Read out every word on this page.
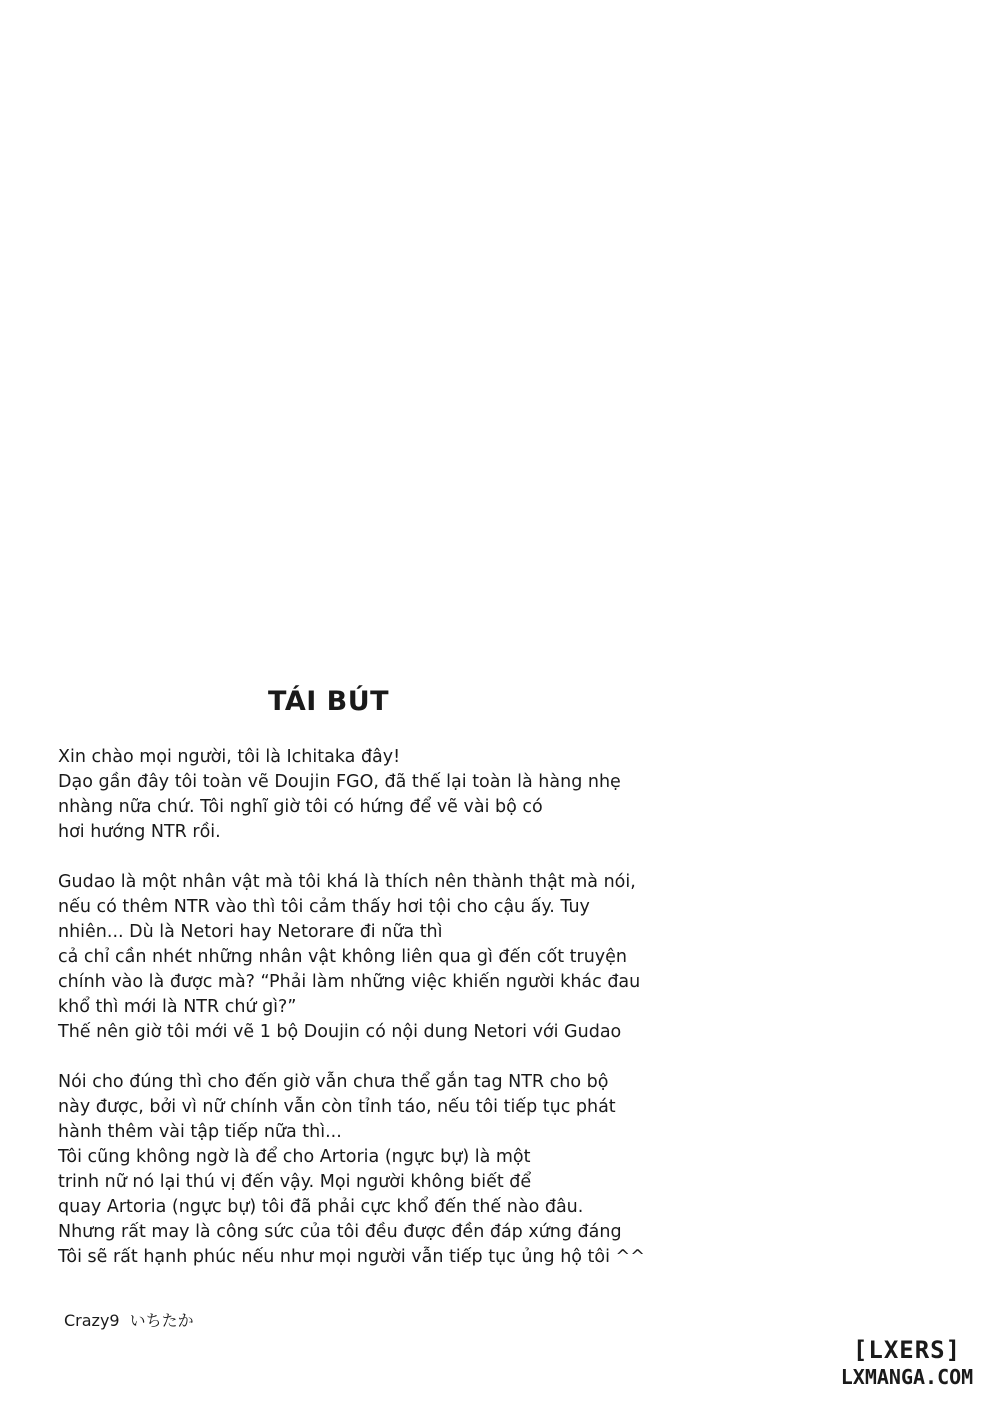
TÁI BÚT
Xin chào mọi người, tôi là Ichitaka đây!
Dạo gần đây tôi toàn vẽ Doujin FGO, đã thế lại toàn là hàng nhẹ
nhàng nữa chứ. Tôi nghĩ giờ tôi có hứng để vẽ vài bộ có
hơi hướng NTR rồi.
Gudao là một nhân vật mà tôi khá là thích nên thành thật mà nói,
nếu có thêm NTR vào thì tôi cảm thấy hơi tội cho cậu ấy. Tuy
nhiên... Dù là Netori hay Netorare đi nữa thì
cả chỉ cần nhét những nhân vật không liên qua gì đến cốt truyện
chính vào là được mà? “Phải làm những việc khiến người khác đau
khổ thì mới là NTR chứ gì?”
Thế nên giờ tôi mới vẽ 1 bộ Doujin có nội dung Netori với Gudao
Nói cho đúng thì cho đến giờ vẫn chưa thể gắn tag NTR cho bộ
này được, bởi vì nữ chính vẫn còn tỉnh táo, nếu tôi tiếp tục phát
hành thêm vài tập tiếp nữa thì...
Tôi cũng không ngờ là để cho Artoria (ngực bự) là một
trinh nữ nó lại thú vị đến vậy. Mọi người không biết để
quay Artoria (ngực bự) tôi đã phải cực khổ đến thế nào đâu.
Nhưng rất may là công sức của tôi đều được đền đáp xứng đáng
Tôi sẽ rất hạnh phúc nếu như mọi người vẫn tiếp tục ủng hộ tôi ^^
Crazy9 いちたか
[LXERS]
LXMANGA.COM
